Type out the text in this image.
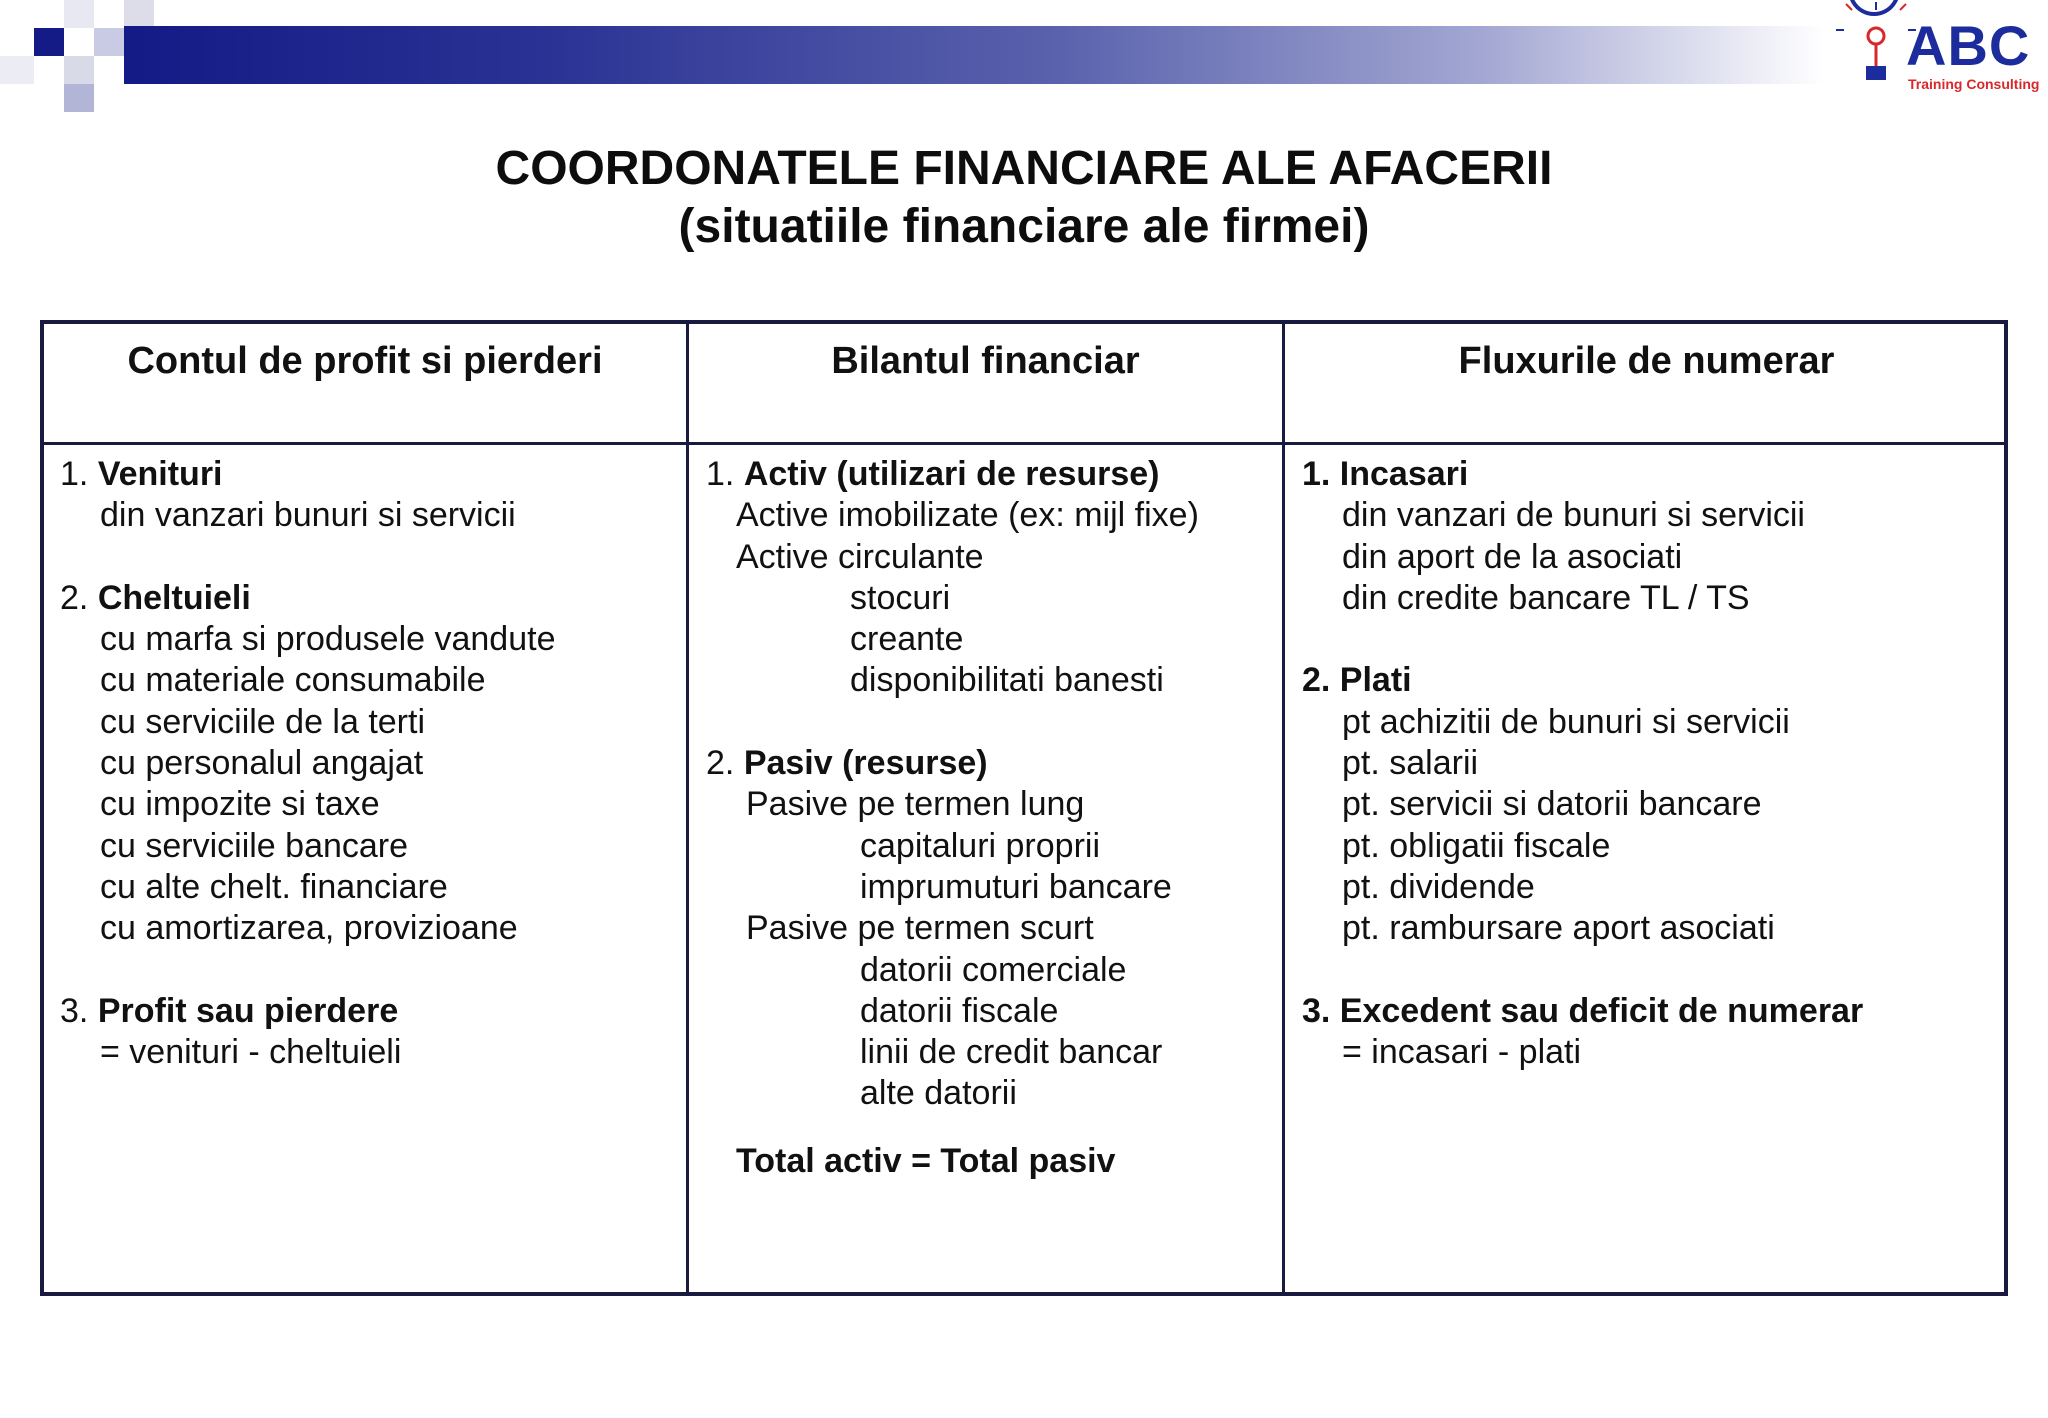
ABC
Training Consulting
COORDONATELE FINANCIARE ALE AFACERII
(situatiile financiare ale firmei)
Contul de profit si pierderi	Bilantul financiar	Fluxurile de numerar
1. Venituri
din vanzari bunuri si servicii
2. Cheltuieli
cu marfa si produsele vandute
cu materiale consumabile
cu serviciile de la terti
cu personalul angajat
cu impozite si taxe
cu serviciile bancare
cu alte chelt. financiare
cu amortizarea, provizioane
3. Profit sau pierdere
= venituri - cheltuieli
1. Activ (utilizari de resurse)
Active imobilizate (ex: mijl fixe)
Active circulante
stocuri
creante
disponibilitati banesti
2. Pasiv (resurse)
Pasive pe termen lung
capitaluri proprii
imprumuturi bancare
Pasive pe termen scurt
datorii comerciale
datorii fiscale
linii de credit bancar
alte datorii
Total activ = Total pasiv
1. Incasari
din vanzari de bunuri si servicii
din aport de la asociati
din credite bancare TL / TS
2. Plati
pt achizitii de bunuri si servicii
pt. salarii
pt. servicii si datorii bancare
pt. obligatii fiscale
pt. dividende
pt. rambursare aport asociati
3. Excedent sau deficit de numerar
= incasari - plati
